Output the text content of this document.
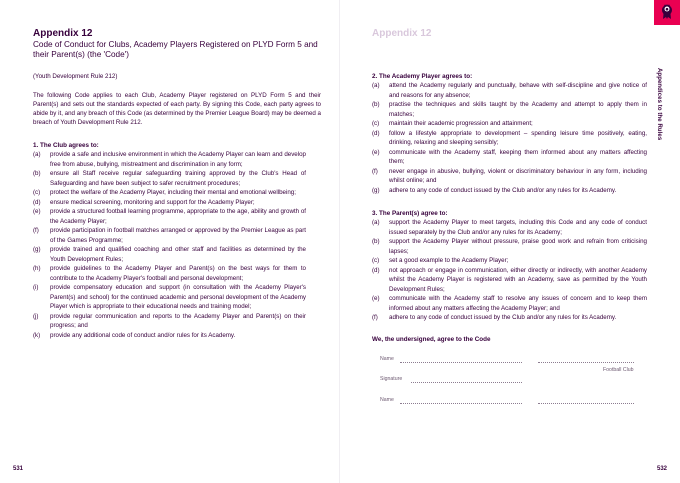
Appendix 12
Code of Conduct for Clubs, Academy Players Registered on PLYD Form 5 and their Parent(s) (the 'Code')

(Youth Development Rule 212)

The following Code applies to each Club, Academy Player registered on PLYD Form 5 and their Parent(s) and sets out the standards expected of each party. By signing this Code, each party agrees to abide by it, and any breach of this Code (as determined by the Premier League Board) may be deemed a breach of Youth Development Rule 212.

1. The Club agrees to:

(a)	provide a safe and inclusive environment in which the Academy Player can learn and develop free from abuse, bullying, mistreatment and discrimination in any form;
(b)	ensure all Staff receive regular safeguarding training approved by the Club's Head of Safeguarding and have been subject to safer recruitment procedures;
(c)	protect the welfare of the Academy Player, including their mental and emotional wellbeing;
(d)	ensure medical screening, monitoring and support for the Academy Player;
(e)	provide a structured football learning programme, appropriate to the age, ability and growth of the Academy Player;
(f)	provide participation in football matches arranged or approved by the Premier League as part of the Games Programme;
(g)	provide trained and qualified coaching and other staff and facilities as determined by the Youth Development Rules;
(h)	provide guidelines to the Academy Player and Parent(s) on the best ways for them to contribute to the Academy Player's football and personal development;
(i)	provide compensatory education and support (in consultation with the Academy Player's Parent(s) and school) for the continued academic and personal development of the Academy Player which is appropriate to their educational needs and training model;
(j)	provide regular communication and reports to the Academy Player and Parent(s) on their progress; and
(k)	provide any additional code of conduct and/or rules for its Academy.
531
Appendix 12

2. The Academy Player agrees to:

(a)	attend the Academy regularly and punctually, behave with self-discipline and give notice of and reasons for any absence;
(b)	practise the techniques and skills taught by the Academy and attempt to apply them in matches;
(c)	maintain their academic progression and attainment;
(d)	follow a lifestyle appropriate to development – spending leisure time positively, eating, drinking, relaxing and sleeping sensibly;
(e)	communicate with the Academy staff, keeping them informed about any matters affecting them;
(f)	never engage in abusive, bullying, violent or discriminatory behaviour in any form, including whilst online; and
(g)	adhere to any code of conduct issued by the Club and/or any rules for its Academy.

3. The Parent(s) agree to:

(a)	support the Academy Player to meet targets, including this Code and any code of conduct issued separately by the Club and/or any rules for its Academy;
(b)	support the Academy Player without pressure, praise good work and refrain from criticising lapses;
(c)	set a good example to the Academy Player;
(d)	not approach or engage in communication, either directly or indirectly, with another Academy whilst the Academy Player is registered with an Academy, save as permitted by the Youth Development Rules;
(e)	communicate with the Academy staff to resolve any issues of concern and to keep them informed about any matters affecting the Academy Player; and
(f)	adhere to any code of conduct issued by the Club and/or any rules for its Academy.

We, the undersigned, agree to the Code

Name
Football Club
Signature
Name
532
Appendices to the Rules
